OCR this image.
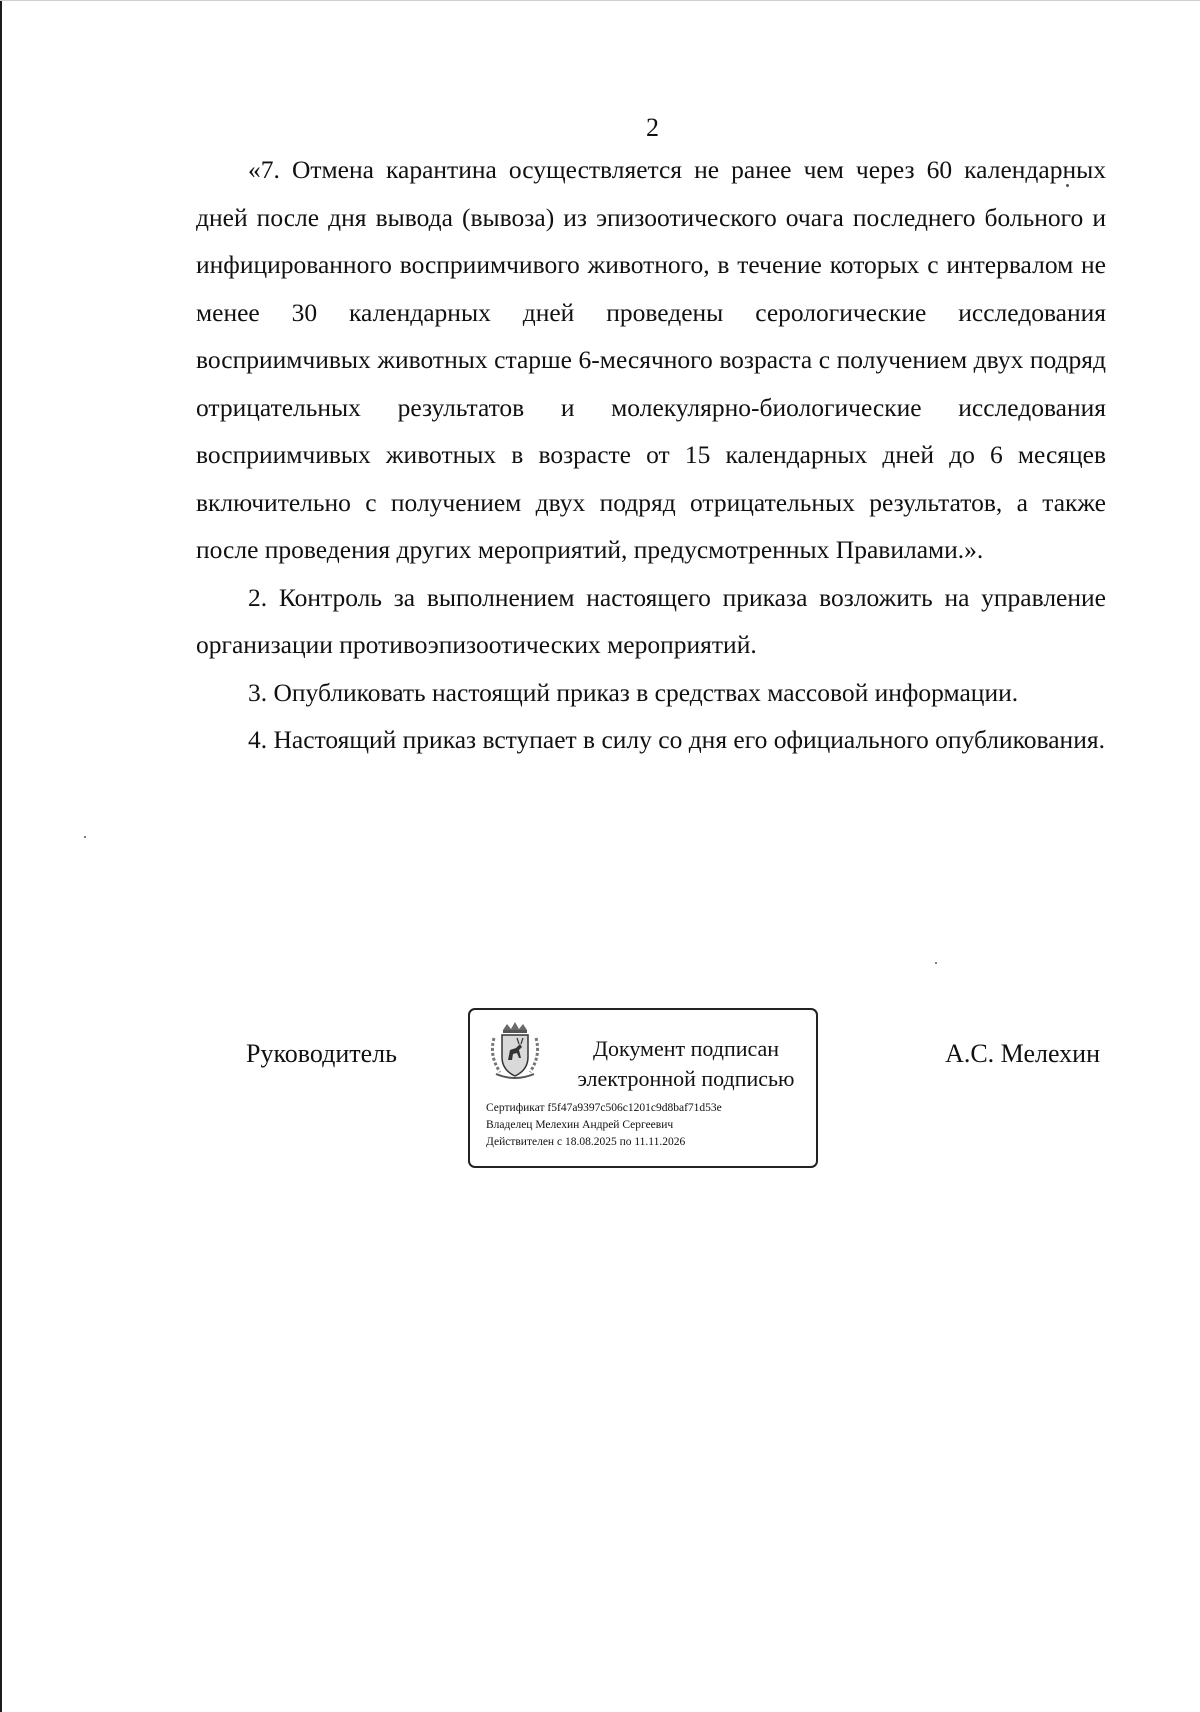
2

«7. Отмена карантина осуществляется не ранее чем через 60 календарных дней после дня вывода (вывоза) из эпизоотического очага последнего больного и инфицированного восприимчивого животного, в течение которых с интервалом не менее 30 календарных дней проведены серологические исследования восприимчивых животных старше 6-месячного возраста с получением двух подряд отрицательных результатов и молекулярно-биологические исследования восприимчивых животных в возрасте от 15 календарных дней до 6 месяцев включительно с получением двух подряд отрицательных результатов, а также после проведения других мероприятий, предусмотренных Правилами.».

2. Контроль за выполнением настоящего приказа возложить на управление организации противоэпизоотических мероприятий.

3. Опубликовать настоящий приказ в средствах массовой информации.

4. Настоящий приказ вступает в силу со дня его официального опубликования.

Руководитель	Документ подписан
электронной подписью
Сертификат f5f47a9397c506c1201c9d8baf71d53e
Владелец Мелехин Андрей Сергеевич
Действителен с 18.08.2025 по 11.11.2026
А.С. Мелехин
